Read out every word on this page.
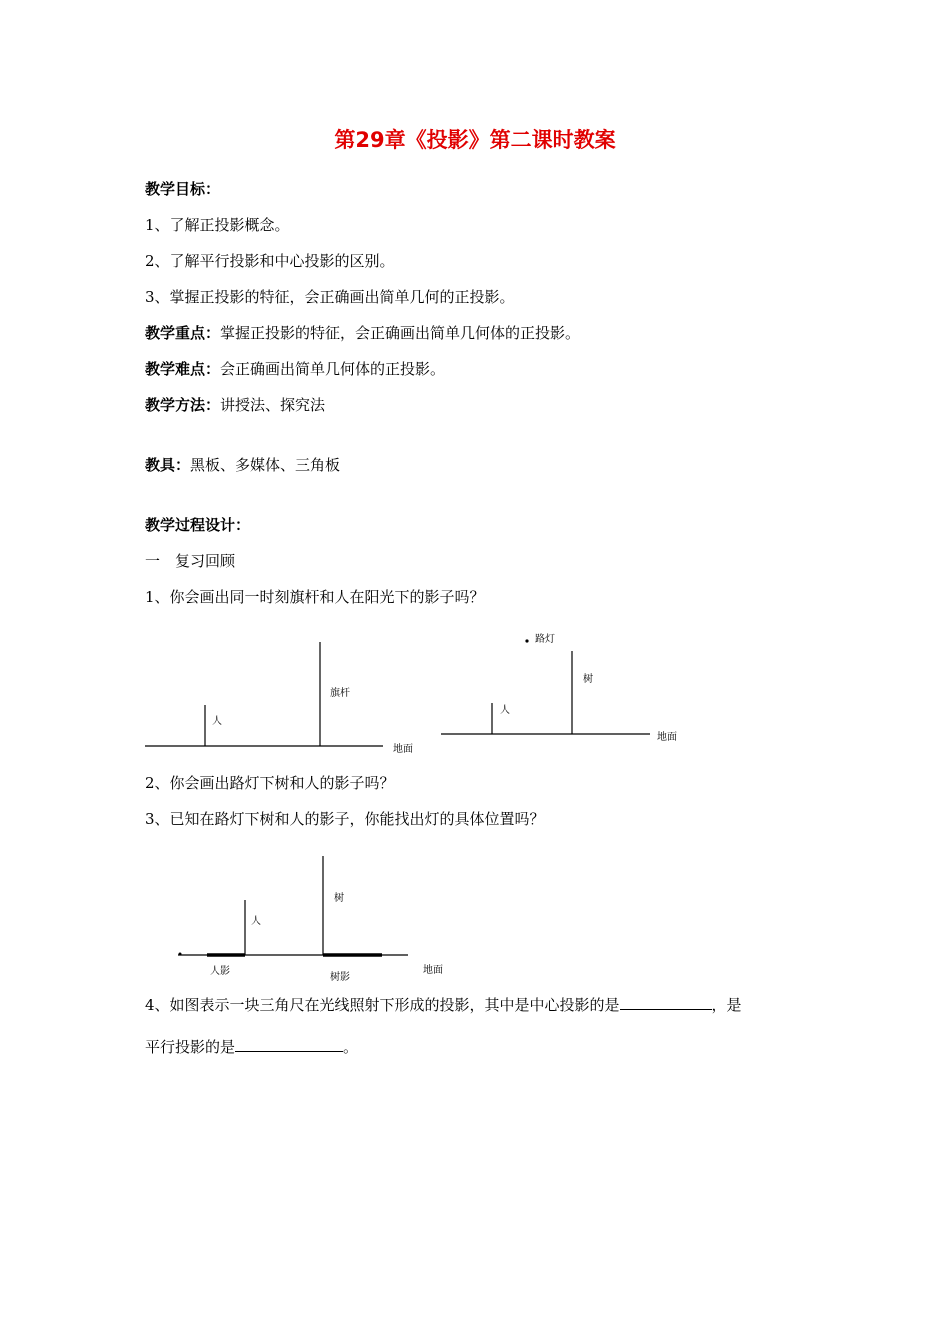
第29章《投影》第二课时教案
教学目标：
1、了解正投影概念。
2、了解平行投影和中心投影的区别。
3、掌握正投影的特征，会正确画出简单几何的正投影。
教学重点：掌握正投影的特征，会正确画出简单几何体的正投影。
教学难点：会正确画出简单几何体的正投影。
教学方法：讲授法、探究法
教具：黑板、多媒体、三角板
教学过程设计：
一　复习回顾
1、你会画出同一时刻旗杆和人在阳光下的影子吗？
2、你会画出路灯下树和人的影子吗？
3、已知在路灯下树和人的影子，你能找出灯的具体位置吗？
4、如图表示一块三角尺在光线照射下形成的投影，其中是中心投影的是	，是
平行投影的是	。
人
旗杆
地面
路灯
树
人
地面
人
树
人影
树影
地面
